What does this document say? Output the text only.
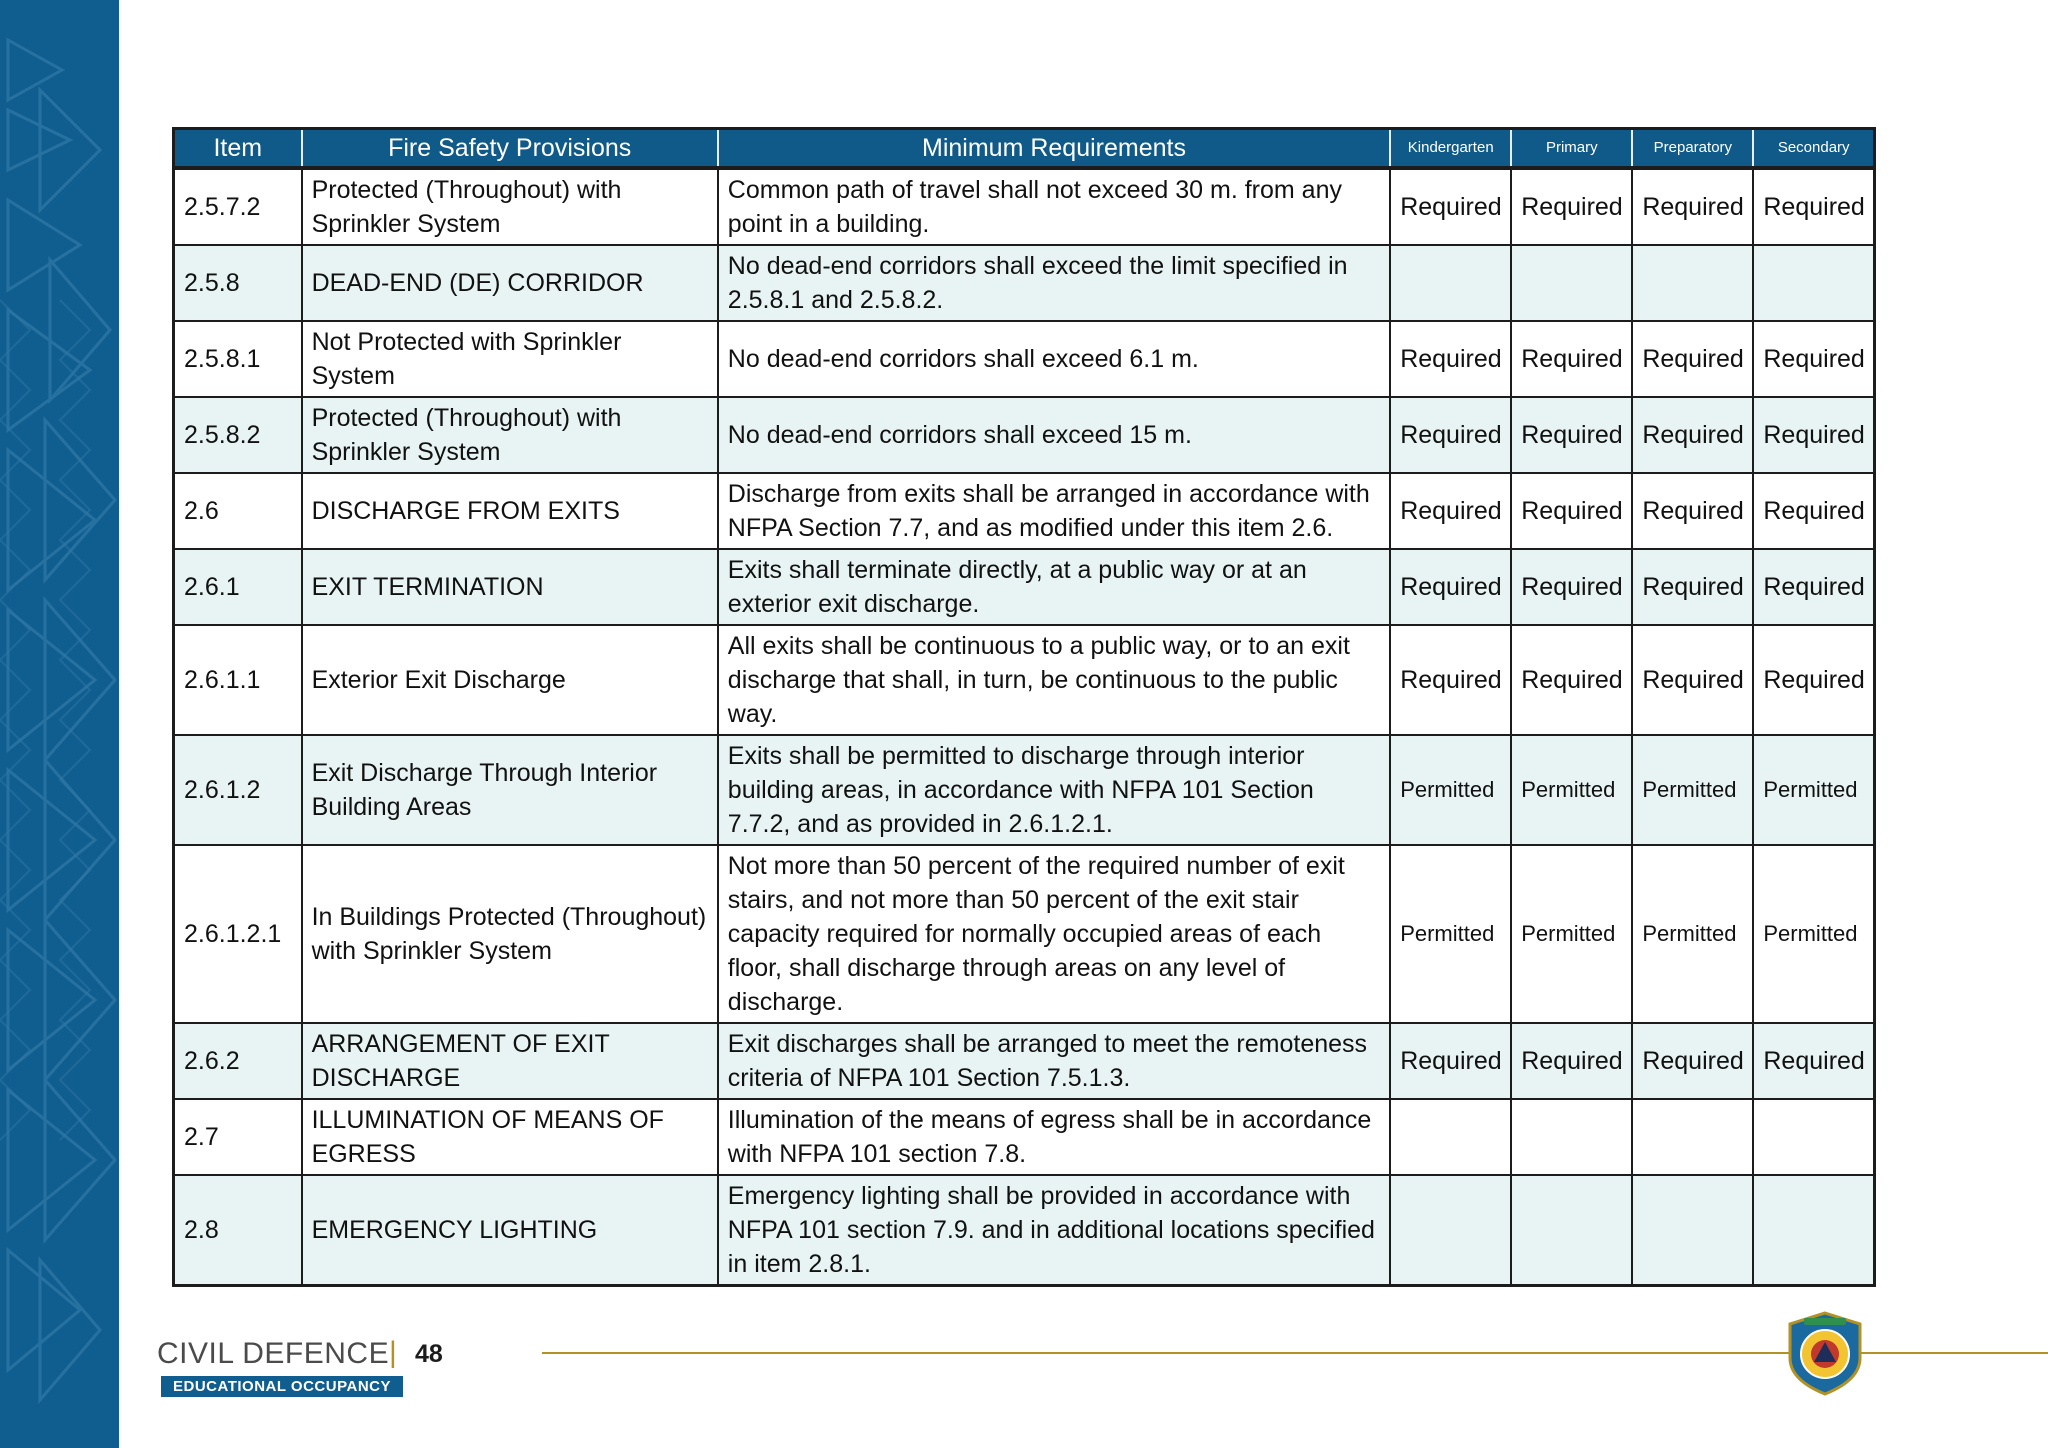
Item	Fire Safety Provisions	Minimum Requirements	Kindergarten	Primary	Preparatory	Secondary
2.5.7.2	Protected (Throughout) with Sprinkler System	Common path of travel shall not exceed 30 m. from any point in a building.	Required	Required	Required	Required
2.5.8	DEAD-END (DE) CORRIDOR	No dead-end corridors shall exceed the limit specified in 2.5.8.1 and 2.5.8.2.				
2.5.8.1	Not Protected with Sprinkler System	No dead-end corridors shall exceed 6.1 m.	Required	Required	Required	Required
2.5.8.2	Protected (Throughout) with Sprinkler System	No dead-end corridors shall exceed 15 m.	Required	Required	Required	Required
2.6	DISCHARGE FROM EXITS	Discharge from exits shall be arranged in accordance with NFPA Section 7.7, and as modified under this item 2.6.	Required	Required	Required	Required
2.6.1	EXIT TERMINATION	Exits shall terminate directly, at a public way or at an exterior exit discharge.	Required	Required	Required	Required
2.6.1.1	Exterior Exit Discharge	All exits shall be continuous to a public way, or to an exit discharge that shall, in turn, be continuous to the public way.	Required	Required	Required	Required
2.6.1.2	Exit Discharge Through Interior Building Areas	Exits shall be permitted to discharge through interior building areas, in accordance with NFPA 101 Section 7.7.2, and as provided in 2.6.1.2.1.	Permitted	Permitted	Permitted	Permitted
2.6.1.2.1	In Buildings Protected (Throughout) with Sprinkler System	Not more than 50 percent of the required number of exit stairs, and not more than 50 percent of the exit stair capacity required for normally occupied areas of each floor, shall discharge through areas on any level of discharge.	Permitted	Permitted	Permitted	Permitted
2.6.2	ARRANGEMENT OF EXIT DISCHARGE	Exit discharges shall be arranged to meet the remoteness criteria of NFPA 101 Section 7.5.1.3.	Required	Required	Required	Required
2.7	ILLUMINATION OF MEANS OF EGRESS	Illumination of the means of egress shall be in accordance with NFPA 101 section 7.8.				
2.8	EMERGENCY LIGHTING	Emergency lighting shall be provided in accordance with NFPA 101 section 7.9. and in additional locations specified in item 2.8.1.				
CIVIL DEFENCE | 48
EDUCATIONAL OCCUPANCY
